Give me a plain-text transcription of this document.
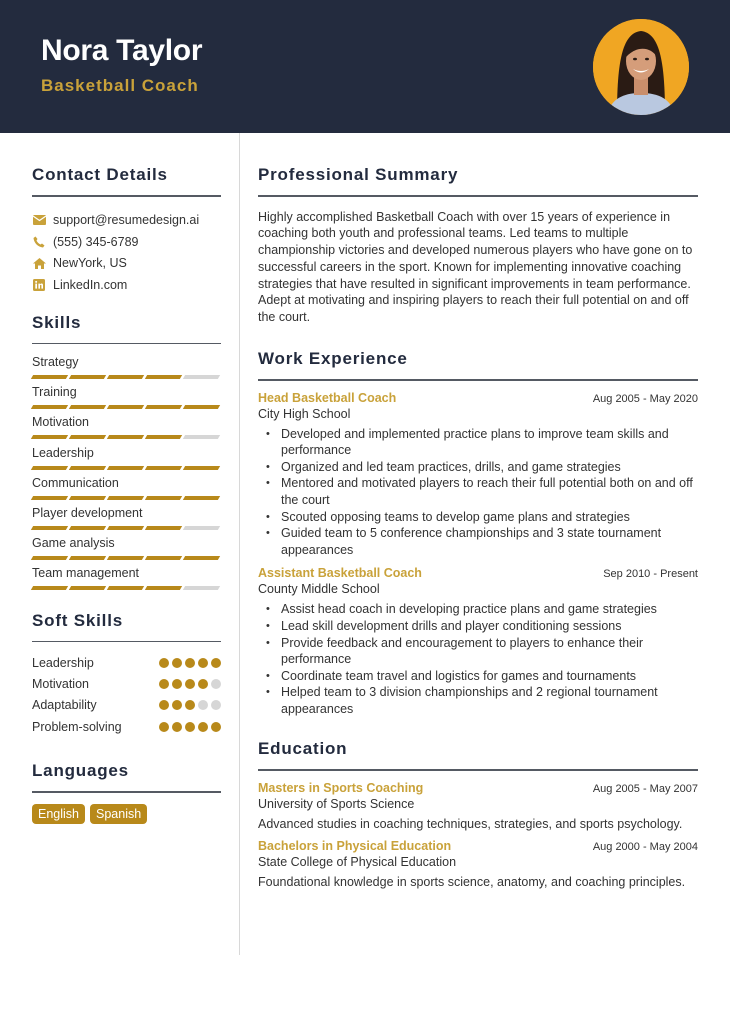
Nora Taylor
Basketball Coach
Contact Details
support@resumedesign.ai
(555) 345-6789
NewYork, US
LinkedIn.com
Skills
Strategy
Training
Motivation
Leadership
Communication
Player development
Game analysis
Team management
Soft Skills
Leadership
Motivation
Adaptability
Problem-solving
Languages
English	Spanish
Professional Summary

Highly accomplished Basketball Coach with over 15 years of experience in coaching both youth and professional teams. Led teams to multiple championship victories and developed numerous players who have gone on to successful careers in the sport. Known for implementing innovative coaching strategies that have resulted in significant improvements in team performance. Adept at motivating and inspiring players to reach their full potential on and off the court.

Work Experience
Head Basketball Coach	Aug 2005 - May 2020
City High School
• Developed and implemented practice plans to improve team skills and performance
• Organized and led team practices, drills, and game strategies
• Mentored and motivated players to reach their full potential both on and off the court
• Scouted opposing teams to develop game plans and strategies
• Guided team to 5 conference championships and 3 state tournament appearances
Assistant Basketball Coach	Sep 2010 - Present
County Middle School
• Assist head coach in developing practice plans and game strategies
• Lead skill development drills and player conditioning sessions
• Provide feedback and encouragement to players to enhance their performance
• Coordinate team travel and logistics for games and tournaments
• Helped team to 3 division championships and 2 regional tournament appearances
Education
Masters in Sports Coaching	Aug 2005 - May 2007
University of Sports Science
Advanced studies in coaching techniques, strategies, and sports psychology.
Bachelors in Physical Education	Aug 2000 - May 2004
State College of Physical Education
Foundational knowledge in sports science, anatomy, and coaching principles.
